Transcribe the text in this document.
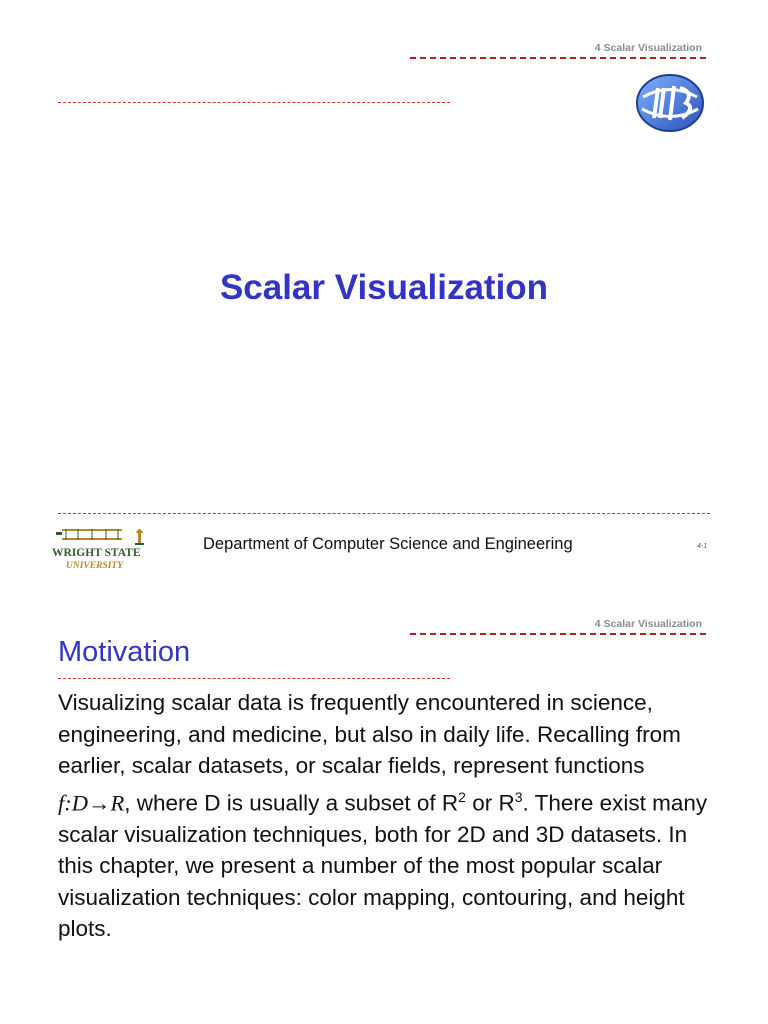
4 Scalar Visualization
Scalar Visualization
WRIGHT STATE
UNIVERSITY
Department of Computer Science and Engineering	4-1
4 Scalar Visualization
Motivation
Visualizing scalar data is frequently encountered in science, engineering, and medicine, but also in daily life. Recalling from earlier, scalar datasets, or scalar fields, represent functions f:D→R, where D is usually a subset of $R^2$ or $R^3$. There exist many scalar visualization techniques, both for 2D and 3D datasets. In this chapter, we present a number of the most popular scalar visualization techniques: color mapping, contouring, and height plots.
